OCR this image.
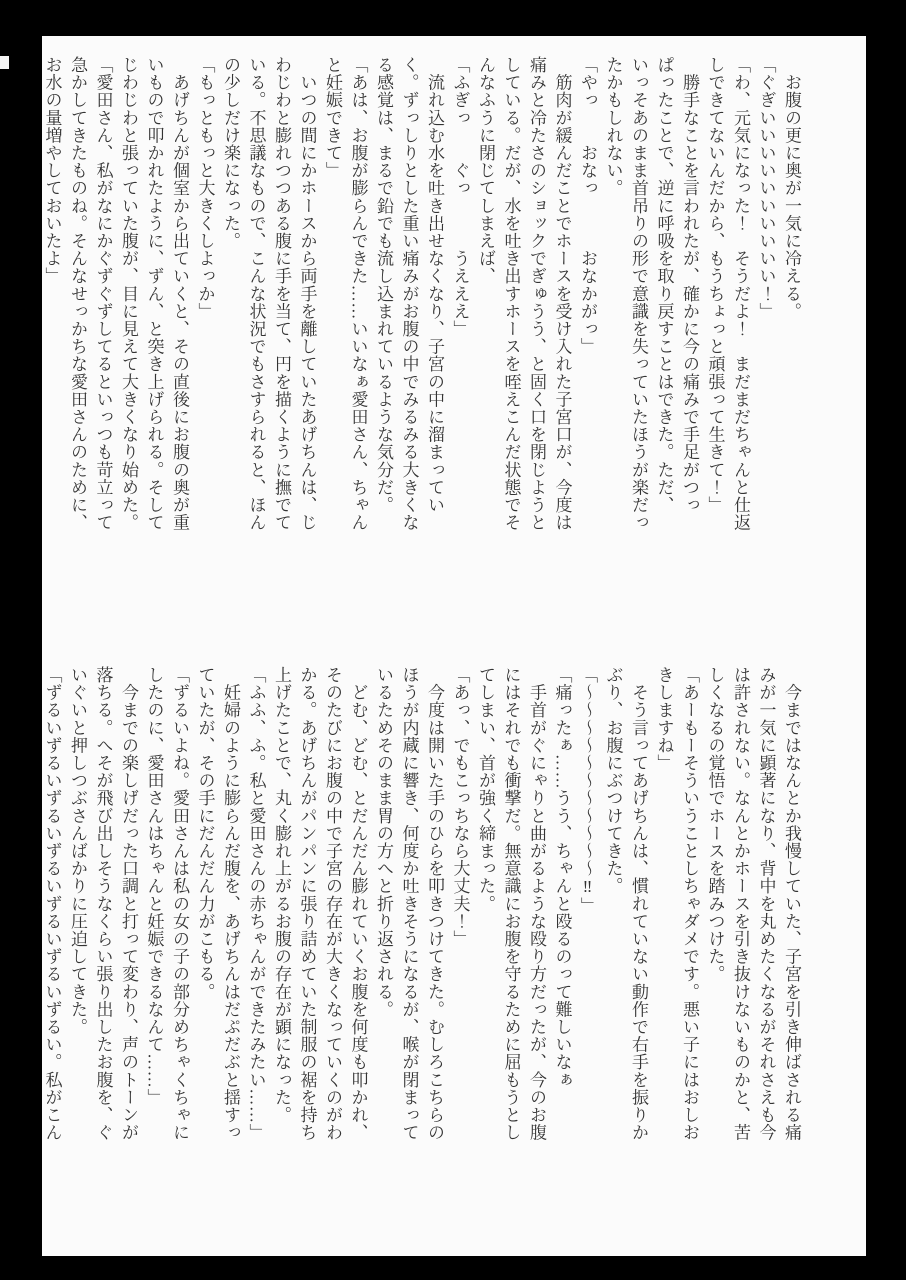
　お腹の更に奥が一気に冷える。

「ぐぎいいいいいいいいいい！」

「わ、元気になった！　そうだよ！　まだまだちゃんと仕返しできてないんだから、もうちょっと頑張って生きて！」

　勝手なことを言われたが、確かに今の痛みで手足がつっぱったことで、逆に呼吸を取り戻すことはできた。ただ、いっそあのまま首吊りの形で意識を失っていたほうが楽だったかもしれない。

「やっ　　おなっ　　　おなかがっ」

　筋肉が緩んだことでホースを受け入れた子宮口が、今度は痛みと冷たさのショックでぎゅうう、と固く口を閉じようとしている。だが、水を吐き出すホースを咥えこんだ状態でそんなふうに閉じてしまえば、

「ふぎっ　　ぐっ　　　うえええ」

　流れ込む水を吐き出せなくなり、子宮の中に溜まっていく。ずっしりとした重い痛みがお腹の中でみるみる大きくなる感覚は、まるで鉛でも流し込まれているような気分だ。

「あは、お腹が膨らんできた……いいなぁ愛田さん、ちゃんと妊娠できて」

　いつの間にかホースから両手を離していたあげちんは、じわじわと膨れつつある腹に手を当て、円を描くように撫でている。不思議なもので、こんな状況でもさすられると、ほんの少しだけ楽になった。

「もっともっと大きくしよっか」

　あげちんが個室から出ていくと、その直後にお腹の奥が重いもので叩かれたように、ずん、と突き上げられる。そしてじわじわと張っていた腹が、目に見えて大きくなり始めた。

「愛田さん、私がなにかぐずぐずしてるといっつも苛立って急かしてきたものね。そんなせっかちな愛田さんのために、お水の量増やしておいたよ」

　今まではなんとか我慢していた、子宮を引き伸ばされる痛みが一気に顕著になり、背中を丸めたくなるがそれさえも今は許されない。なんとかホースを引き抜けないものかと、苦しくなるの覚悟でホースを踏みつけた。

「あーもーそういうことしちゃダメです。悪い子にはおしおきしますね」

　そう言ってあげちんは、慣れていない動作で右手を振りかぶり、お腹にぶつけてきた。

「〜〜〜〜〜〜〜〜〜〜〜‼」

「痛ったぁ……うう、ちゃんと殴るのって難しいなぁ

　手首がぐにゃりと曲がるような殴り方だったが、今のお腹にはそれでも衝撃だ。無意識にお腹を守るために屈もうとしてしまい、首が強く締まった。

「あっ、でもこっちなら大丈夫！」

　今度は開いた手のひらを叩きつけてきた。むしろこちらのほうが内蔵に響き、何度か吐きそうになるが、喉が閉まっているためそのまま胃の方へと折り返される。

　どむ、どむ、とだんだん膨れていくお腹を何度も叩かれ、そのたびにお腹の中で子宮の存在が大きくなっていくのがわかる。あげちんがパンパンに張り詰めていた制服の裾を持ち上げたことで、丸く膨れ上がるお腹の存在が顕になった。

「ふふ、ふ。私と愛田さんの赤ちゃんができたみたい……」

　妊婦のように膨らんだ腹を、あげちんはだぷだぶと揺すっていたが、その手にだんだん力がこもる。

「ずるいよね。愛田さんは私の女の子の部分めちゃくちゃにしたのに、愛田さんはちゃんと妊娠できるなんて……」

　今までの楽しげだった口調と打って変わり、声のトーンが落ちる。へそが飛び出しそうなくらい張り出したお腹を、ぐいぐいと押しつぶさんばかりに圧迫してきた。

「ずるいずるいずるいずるいずるいずるいずるい。私がこん
